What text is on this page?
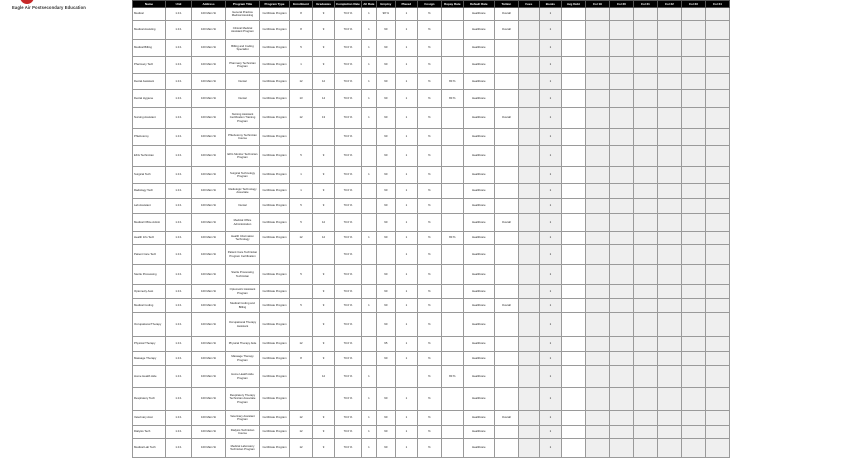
Eagle Air Postsecondary Education
Name	Unit	Address	Program Title	Program Type	Enrollment	Graduates	Completion Rate	All Rate	Employ	Placed	Cosign	Repay Rate	Default Rate	Tuition	Fees	Books	Avg Debt	Col 19	Col 20	Col 21	Col 22	Col 23	Col 24
Medical	1.0.1	100 Main St	General Practice Medical Assisting	Certificate Program	8	9	70.0 %	1	98 %	1	%		Healthcare	Overall		1							
Medical Assisting	1.0.1	100 Main St	Clinical Medical Assistant Program	Certificate Program	8	9	70.0 %	1	90	1	%		Healthcare	Overall		1							
Medical Billing	1.0.1	100 Main St	Billing and Coding Specialist	Certificate Program	5	9	70.0 %	1	90	1	%		Healthcare			1							
Pharmacy Tech	1.0.1	100 Main St	Pharmacy Technician Program	Certificate Program	1	9	70.0 %	1	90	1	%		Healthcare			1							
Dental Assistant	1.0.1	100 Main St	Dental	Certificate Program	12	12	70.0 %	1	90	1	%	80 %	Healthcare			1							
Dental Hygiene	1.0.1	100 Main St	Dental	Certificate Program	13	14	70.0 %	1	90	1	%	80 %	Healthcare			1							
Nursing Assistant	1.0.1	100 Main St	Nursing Assistant Certification Training Program	Certificate Program	12	13	70.0 %	1	90	1	%		Healthcare	Overall		1							
Phlebotomy	1.0.1	100 Main St	Phlebotomy Technician Course	Certificate Program			70.0 %		90	1	%		Healthcare			1							
EKG Technician	1.0.1	100 Main St	EKG Monitor Technician Program	Certificate Program	5	9	70.0 %		90	1	%		Healthcare			1							
Surgical Tech	1.0.1	100 Main St	Surgical Technology Program	Certificate Program	1	9	70.0 %	1	90	1	%		Healthcare			1							
Radiology Tech	1.0.1	100 Main St	Radiologic Technology Associate	Certificate Program	1	9	70.0 %		90	1	%		Healthcare			1							
Lab Assistant	1.0.1	100 Main St	Dental	Certificate Program	5	9	70.0 %		90	1	%		Healthcare			1							
Medical Office Admin	1.0.1	100 Main St	Medical Office Administration	Certificate Program	5	12	70.0 %		90	1	%		Healthcare	Overall		1							
Health Info Tech	1.0.1	100 Main St	Health Information Technology	Certificate Program	12	12	70.0 %	1	90	1	%	80 %	Healthcare			1							
Patient Care Tech	1.0.1	100 Main St	Patient Care Technician Program Certification				70.0 %			1	%		Healthcare			1							
Sterile Processing	1.0.1	100 Main St	Sterile Processing Technician	Certificate Program	5	9	70.0 %		90	1	%		Healthcare			1							
Optometry Asst	1.0.1	100 Main St	Optometric Assistant Program	Certificate Program		9	70.0 %		90	1	%		Healthcare			1							
Medical Coding	1.0.1	100 Main St	Medical Coding and Billing	Certificate Program	5	9	70.0 %	1	90	1	%		Healthcare	Overall		1							
Occupational Therapy	1.0.1	100 Main St	Occupational Therapy Assistant	Certificate Program		9	70.0 %		90	1	%		Healthcare			1							
Physical Therapy	1.0.1	100 Main St	Physical Therapy Aide	Certificate Program	12	9	70.0 %		95	1	%		Healthcare			1							
Massage Therapy	1.0.1	100 Main St	Massage Therapy Program	Certificate Program	8	9	70.0 %		90	1	%		Healthcare			1							
Home Health Aide	1.0.1	100 Main St	Home Health Aide Program	Certificate Program		12	70.0 %	1			%	80 %	Healthcare			1							
Respiratory Tech	1.0.1	100 Main St	Respiratory Therapy Technician Associate Program	Certificate Program			70.0 %	1	90	1	%		Healthcare			1							
Veterinary Asst	1.0.1	100 Main St	Veterinary Assistant Program	Certificate Program	12	9	70.0 %	1	90	1	%		Healthcare	Overall		1							
Dialysis Tech	1.0.1	100 Main St	Dialysis Technician Course	Certificate Program	12	9	70.0 %	1	90	1	%		Healthcare			1							
Medical Lab Tech	1.0.1	100 Main St	Medical Laboratory Technician Program	Certificate Program	12	9	70.0 %	1	90	1	%		Healthcare			1							
